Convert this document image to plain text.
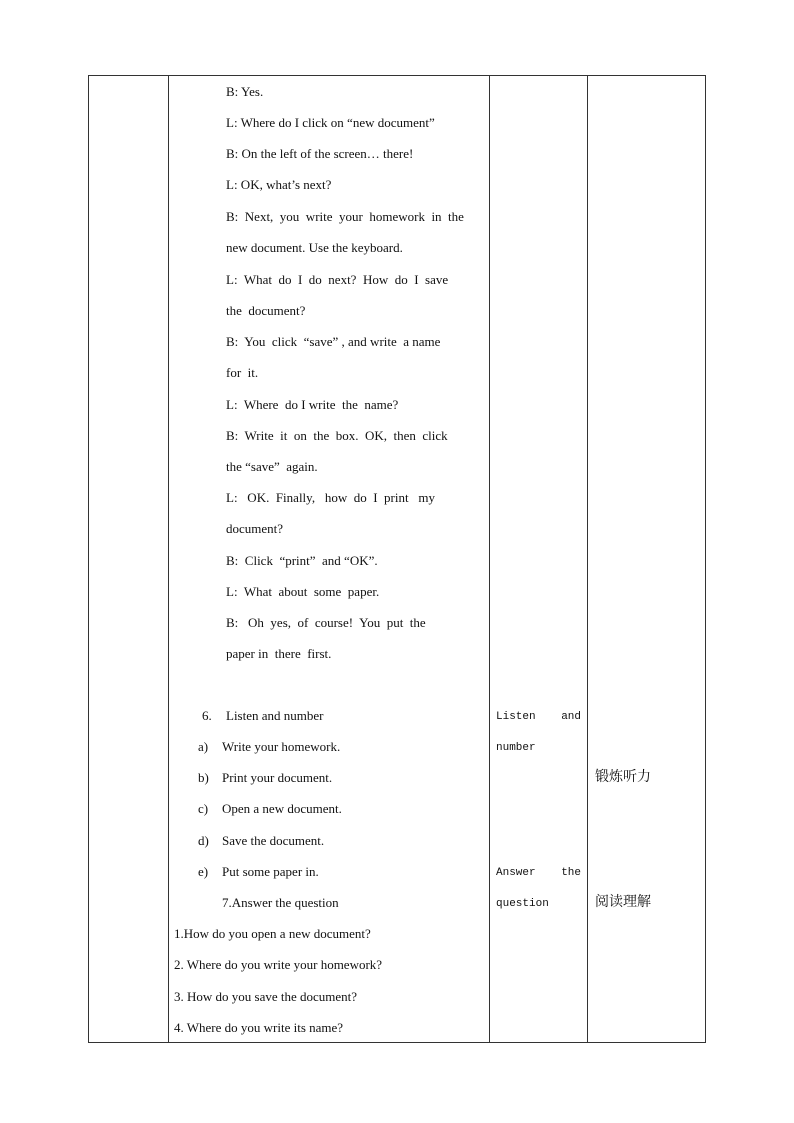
B: Yes.
L: Where do I click on “new document”
B: On the left of the screen… there!
L: OK, what’s next?
B:  Next,  you  write  your  homework  in  the
new document. Use the keyboard.
L:  What  do  I  do  next?  How  do  I  save
the  document?
B:  You  click  “save” , and write  a name
for  it.
L:  Where  do I write  the  name?
B:  Write  it  on  the  box.  OK,  then  click
the “save”  again.
L:   OK.  Finally,   how  do  I  print   my
document?
B:  Click  “print”  and “OK”.
L:  What  about  some  paper.
B:   Oh  yes,  of  course!  You  put  the
paper in  there  first.
6. Listen and number
a) Write your homework.
b) Print your document.
c) Open a new document.
d) Save the document.
e) Put some paper in.
7.Answer the question
1.How do you open a new document?
2. Where do you write your homework?
3. How do you save the document?
4. Where do you write its name?
Listen and
number
Answer the
question
锻炼听力
阅读理解
